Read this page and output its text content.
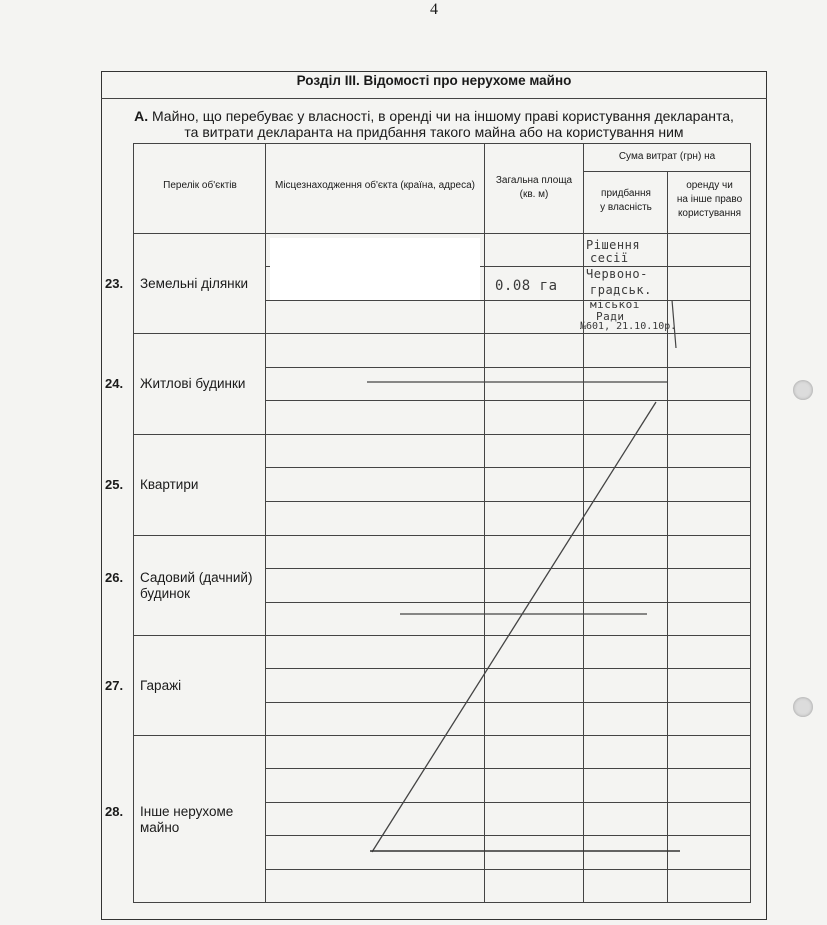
4
Розділ ІІІ. Відомості про нерухоме майно
А. Майно, що перебуває у власності, в оренді чи на іншому праві користування декларанта,
та витрати декларанта на придбання такого майна або на користування ним
Перелік об'єктів	Місцезнаходження об'єкта (країна, адреса)	Загальна площа
(кв. м)
Сума витрат (грн) на
придбання
у власність
оренду чи
на інше право
користування
23. Земельні ділянки
24. Житлові будинки
25. Квартири
26. Садовий (дачний)
будинок
27. Гаражі
28. Інше нерухоме
майно
0.08 га
Рішення
сесії
Червоно-
градськ.
міської
Ради
№601, 21.10.10р.
